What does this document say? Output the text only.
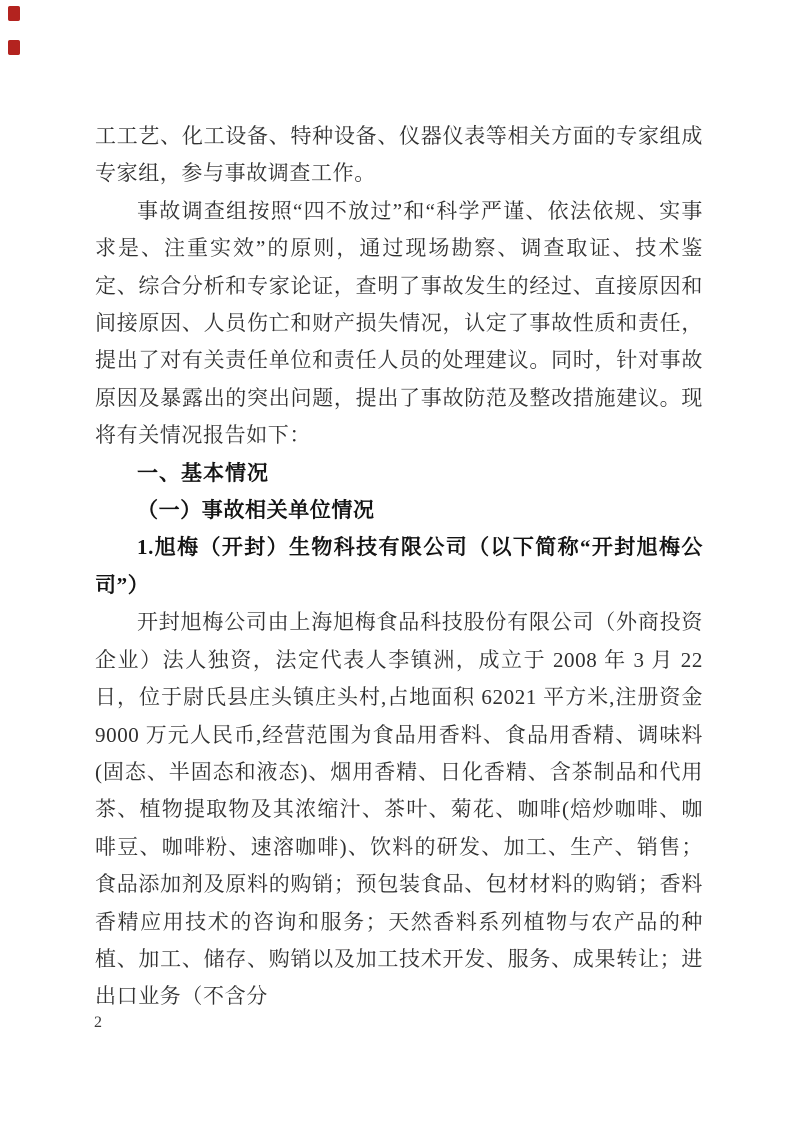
工工艺、化工设备、特种设备、仪器仪表等相关方面的专家组成专家组，参与事故调查工作。

事故调查组按照“四不放过”和“科学严谨、依法依规、实事求是、注重实效”的原则，通过现场勘察、调查取证、技术鉴定、综合分析和专家论证，查明了事故发生的经过、直接原因和间接原因、人员伤亡和财产损失情况，认定了事故性质和责任，提出了对有关责任单位和责任人员的处理建议。同时，针对事故原因及暴露出的突出问题，提出了事故防范及整改措施建议。现将有关情况报告如下：

一、基本情况

（一）事故相关单位情况

1.旭梅（开封）生物科技有限公司（以下简称“开封旭梅公司”）

开封旭梅公司由上海旭梅食品科技股份有限公司（外商投资企业）法人独资，法定代表人李镇洲，成立于 2008 年 3 月 22 日，位于尉氏县庄头镇庄头村,占地面积 62021 平方米,注册资金 9000 万元人民币,经营范围为食品用香料、食品用香精、调味料(固态、半固态和液态)、烟用香精、日化香精、含茶制品和代用茶、植物提取物及其浓缩汁、茶叶、菊花、咖啡(焙炒咖啡、咖啡豆、咖啡粉、速溶咖啡)、饮料的研发、加工、生产、销售；食品添加剂及原料的购销；预包装食品、包材材料的购销；香料香精应用技术的咨询和服务；天然香料系列植物与农产品的种植、加工、储存、购销以及加工技术开发、服务、成果转让；进出口业务（不含分

2
